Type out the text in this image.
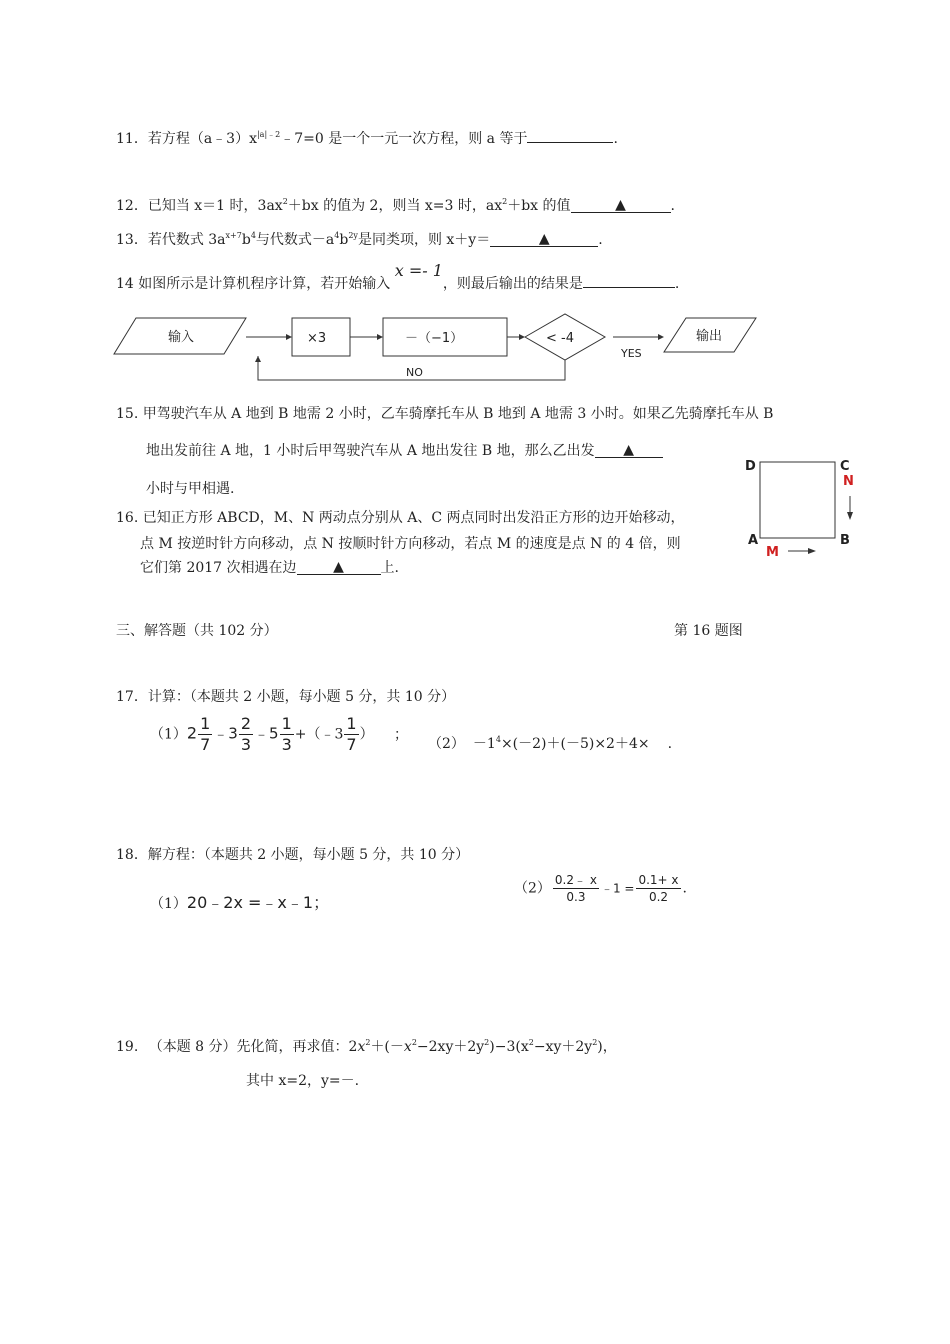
11．若方程$(a﹣3)x^{|a|﹣2}﹣7=0$ 是一个一元一次方程，则 a 等于	.
12．已知当 x＝1 时，$3ax^2+bx$ 的值为 2，则当 x=3 时，$ax^2+bx$ 的值	▲	.
13．若代数式 $3a^{x+7}b^4$与代数式$-a^4b^{2y}$是同类项，则 x＋y＝	▲	.
14 如图所示是计算机程序计算，若开始输入 x =- 1，则最后输出的结果是	.
输入	×3	－（−1）	< -4
YES
输出
NO
15. 甲驾驶汽车从 A 地到 B 地需 2 小时，乙车骑摩托车从 B 地到 A 地需 3 小时。如果乙先骑摩托车从 B
地出发前往 A 地，1 小时后甲驾驶汽车从 A 地出发往 B 地，那么乙出发 ▲
小时与甲相遇.
16. 已知正方形 ABCD，M、N 两动点分别从 A、C 两点同时出发沿正方形的边开始移动，
点 M 按逆时针方向移动，点 N 按顺时针方向移动，若点 M 的速度是点 N 的 4 倍，则
它们第 2017 次相遇在边	▲	上.
D	C
N
A	B
M
三、解答题（共 102 分）	第 16 题图
17．计算：（本题共 2 小题，每小题 5 分，共 10 分）
$(1)2 \frac{1}{7}$ ﹣3 $\frac{2}{3}$ ﹣5 $\frac{1}{3}$ +（﹣3 $\frac{1}{7}$ ） ；
$(2) -1^4\times(-2)+(-5)\times 2+4\times$ .
18．解方程：（本题共 2 小题，每小题 5 分，共 10 分）
（1）20﹣2x =﹣x﹣1；
$(2) \frac{0.2﹣ x}{0.3}$ ﹣1 = $\frac{0.1+ x}{0.2}$ .
19. （本题 8 分）先化简，再求值：$2x^2+(-x^2-2xy+2y^2)-3(x^2-xy+2y^2)$，
其中 x=2，y=－.
